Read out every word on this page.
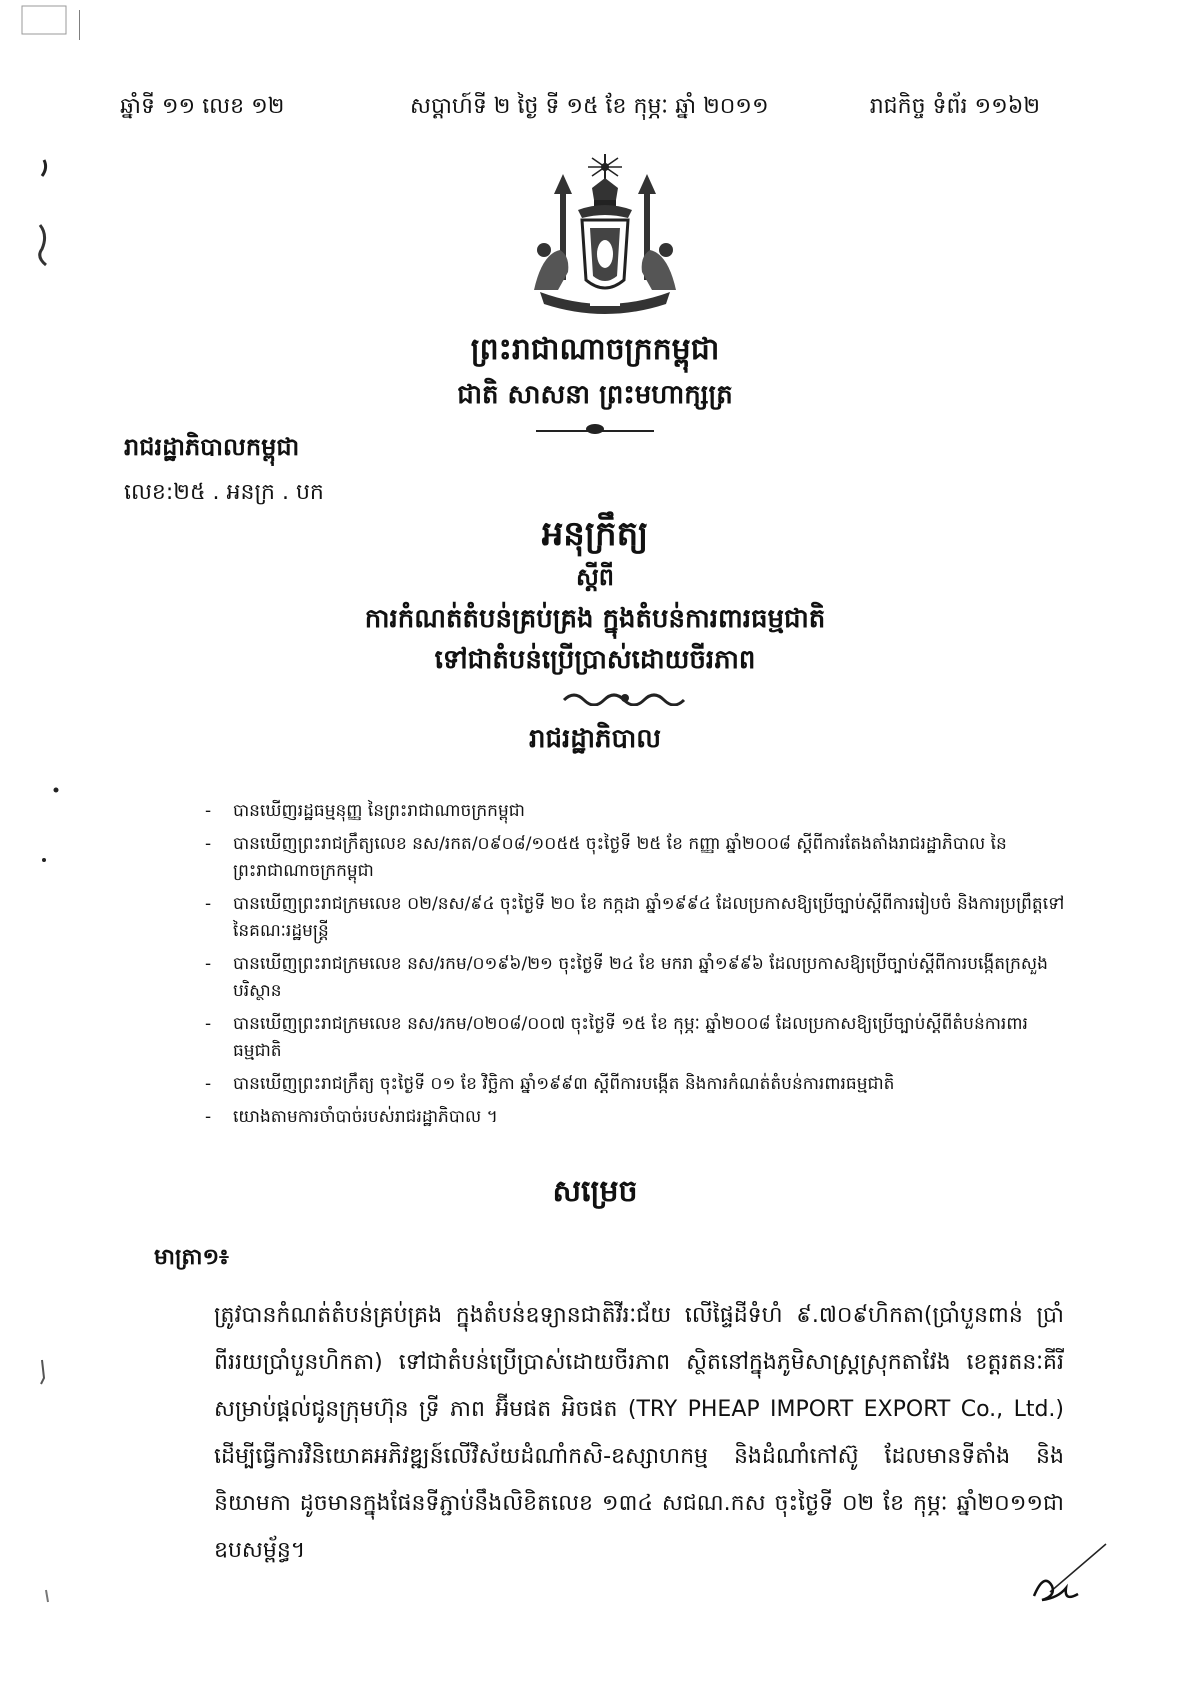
ឆ្នាំទី ១១ លេខ ១២	សប្តាហ៍ទី ២ ថ្ងៃ ទី ១៥ ខែ កុម្ភៈ ឆ្នាំ ២០១១	រាជកិច្ច ទំព័រ ១១៦២
ព្រះរាជាណាចក្រកម្ពុជា
ជាតិ សាសនា ព្រះមហាក្សត្រ
រាជរដ្ឋាភិបាលកម្ពុជា
លេខ:២៥ . អនក្រ . បក
អនុក្រឹត្យ
ស្តីពី
ការកំណត់តំបន់គ្រប់គ្រង ក្នុងតំបន់ការពារធម្មជាតិ
ទៅជាតំបន់ប្រើប្រាស់ដោយចីរភាព
រាជរដ្ឋាភិបាល
- បានឃើញរដ្ឋធម្មនុញ្ញ នៃព្រះរាជាណាចក្រកម្ពុជា
- បានឃើញព្រះរាជក្រឹត្យលេខ នស/រកត/០៩០៨/១០៥៥ ចុះថ្ងៃទី ២៥ ខែ កញ្ញា ឆ្នាំ២០០៨ ស្តីពីការតែងតាំងរាជរដ្ឋាភិបាល នៃព្រះរាជាណាចក្រកម្ពុជា
- បានឃើញព្រះរាជក្រមលេខ ០២/នស/៩៤ ចុះថ្ងៃទី ២០ ខែ កក្កដា ឆ្នាំ១៩៩៤ ដែលប្រកាសឱ្យប្រើច្បាប់ស្តីពីការរៀបចំ និងការប្រព្រឹត្តទៅ នៃគណៈរដ្ឋមន្ត្រី
- បានឃើញព្រះរាជក្រមលេខ នស/រកម/០១៩៦/២១ ចុះថ្ងៃទី ២៤ ខែ មករា ឆ្នាំ១៩៩៦ ដែលប្រកាសឱ្យប្រើច្បាប់ស្តីពីការបង្កើតក្រសួងបរិស្ថាន
- បានឃើញព្រះរាជក្រមលេខ នស/រកម/០២០៨/០០៧ ចុះថ្ងៃទី ១៥ ខែ កុម្ភៈ ឆ្នាំ២០០៨ ដែលប្រកាសឱ្យប្រើច្បាប់ស្តីពីតំបន់ការពារធម្មជាតិ
- បានឃើញព្រះរាជក្រឹត្យ ចុះថ្ងៃទី ០១ ខែ វិច្ឆិកា ឆ្នាំ១៩៩៣ ស្តីពីការបង្កើត និងការកំណត់តំបន់ការពារធម្មជាតិ
- យោងតាមការចាំបាច់របស់រាជរដ្ឋាភិបាល ។
សម្រេច
មាត្រា១៖
ត្រូវបានកំណត់តំបន់គ្រប់គ្រង ក្នុងតំបន់ឧទ្យានជាតិវីរៈជ័យ លើផ្ទៃដីទំហំ ៩.៧០៩ហិកតា(ប្រាំបួនពាន់ ប្រាំពីររយប្រាំបួនហិកតា) ទៅជាតំបន់ប្រើប្រាស់ដោយចីរភាព ស្ថិតនៅក្នុងភូមិសាស្ត្រស្រុកតាវែង ខេត្តរតនៈគីរី សម្រាប់ផ្តល់ជូនក្រុមហ៊ុន ទ្រី ភាព អ៊ីមផត អិចផត (TRY PHEAP IMPORT EXPORT Co., Ltd.) ដើម្បីធ្វើការវិនិយោគអភិវឌ្ឍន៍លើវិស័យដំណាំកសិ-ឧស្សាហកម្ម និងដំណាំកៅស៊ូ ដែលមានទីតាំង និងនិយាមកា ដូចមានក្នុងផែនទីភ្ជាប់នឹងលិខិតលេខ ១៣៤ សជណ.កស ចុះថ្ងៃទី ០២ ខែ កុម្ភៈ ឆ្នាំ២០១១ជាឧបសម្ព័ន្ធ។
